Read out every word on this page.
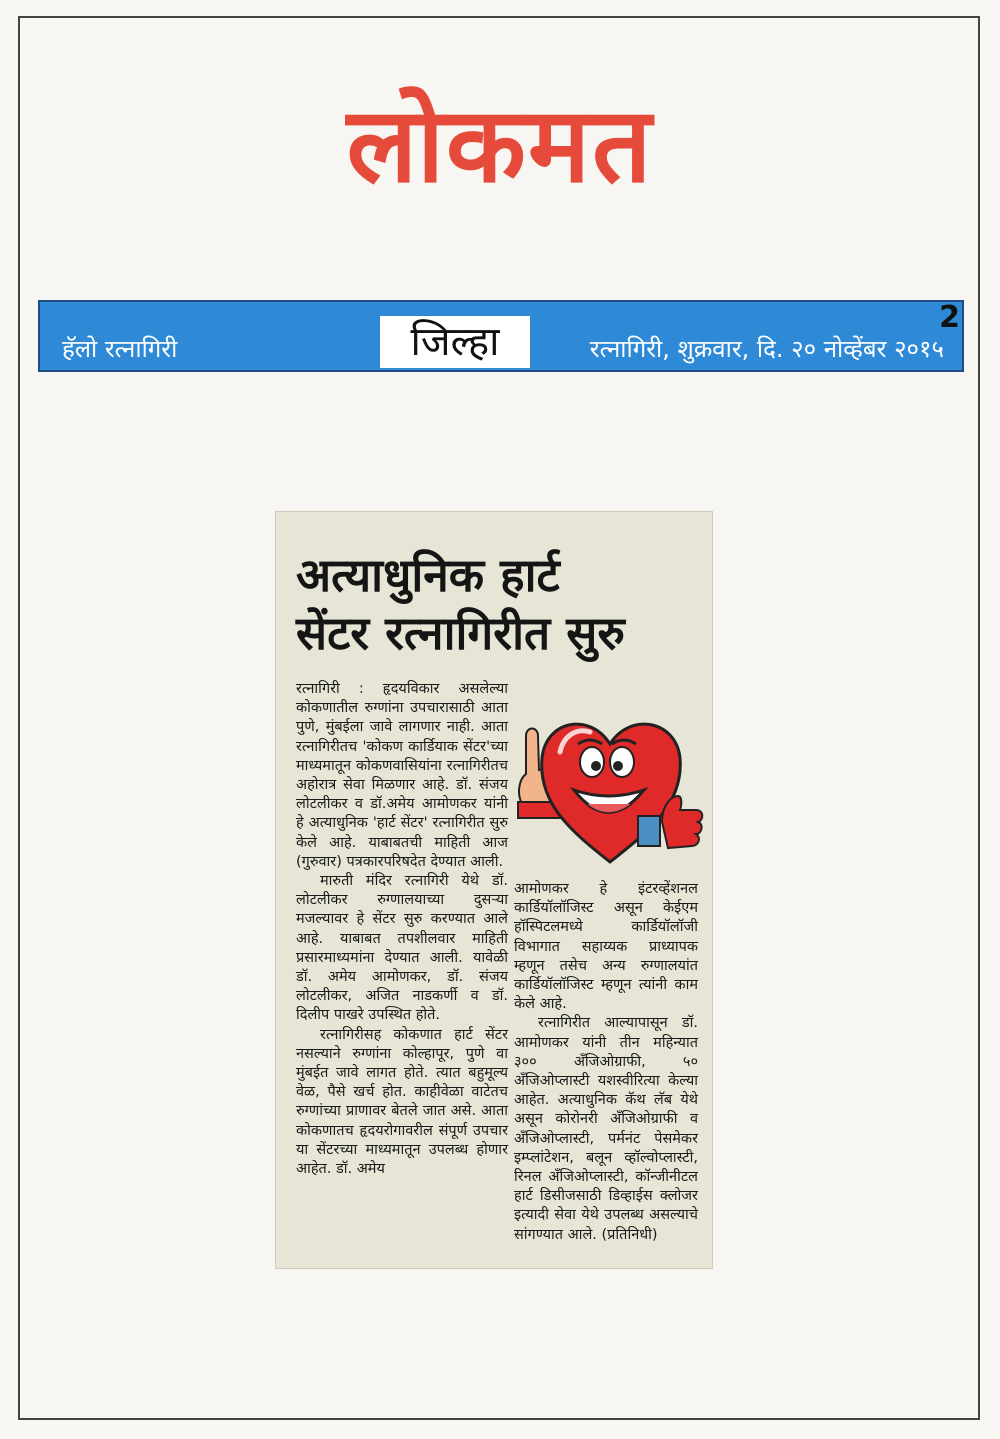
लोकमत
हॅलो रत्नागिरी	जिल्हा	रत्नागिरी, शुक्रवार, दि. २० नोव्हेंबर २०१५
2
अत्याधुनिक हार्ट
सेंटर रत्नागिरीत सुरु

रत्नागिरी : हृदयविकार असलेल्या कोकणातील रुग्णांना उपचारासाठी आता पुणे, मुंबईला जावे लागणार नाही. आता रत्नागिरीतच 'कोकण कार्डियाक सेंटर'च्या माध्यमातून कोकणवासियांना रत्नागिरीतच अहोरात्र सेवा मिळणार आहे. डॉ. संजय लोटलीकर व डॉ.अमेय आमोणकर यांनी हे अत्याधुनिक 'हार्ट सेंटर' रत्नागिरीत सुरु केले आहे. याबाबतची माहिती आज (गुरुवार) पत्रकारपरिषदेत देण्यात आली.

मारुती मंदिर रत्नागिरी येथे डॉ. लोटलीकर रुग्णालयाच्या दुसऱ्या मजल्यावर हे सेंटर सुरु करण्यात आले आहे. याबाबत तपशीलवार माहिती प्रसारमाध्यमांना देण्यात आली. यावेळी डॉ. अमेय आमोणकर, डॉ. संजय लोटलीकर, अजित नाडकर्णी व डॉ. दिलीप पाखरे उपस्थित होते.

रत्नागिरीसह कोकणात हार्ट सेंटर नसल्याने रुग्णांना कोल्हापूर, पुणे वा मुंबईत जावे लागत होते. त्यात बहुमूल्य वेळ, पैसे खर्च होत. काहीवेळा वाटेतच रुग्णांच्या प्राणावर बेतले जात असे. आता कोकणातच हृदयरोगावरील संपूर्ण उपचार या सेंटरच्या माध्यमातून उपलब्ध होणार आहेत. डॉ. अमेय

आमोणकर हे इंटरव्हेंशनल कार्डियॉलॉजिस्ट असून केईएम हॉस्पिटलमध्ये कार्डियॉलॉजी विभागात सहाय्यक प्राध्यापक म्हणून तसेच अन्य रुग्णालयांत कार्डियॉलॉजिस्ट म्हणून त्यांनी काम केले आहे.

रत्नागिरीत आल्यापासून डॉ. आमोणकर यांनी तीन महिन्यात ३०० अँजिओग्राफी, ५० अँजिओप्लास्टी यशस्वीरित्या केल्या आहेत. अत्याधुनिक कॅथ लॅब येथे असून कोरोनरी अँजिओग्राफी व अँजिओप्लास्टी, पर्मनंट पेसमेकर इम्प्लांटेशन, बलून व्हॉल्वोप्लास्टी, रिनल अँजिओप्लास्टी, कॉन्जीनीटल हार्ट डिसीजसाठी डिव्हाईस क्लोजर इत्यादी सेवा येथे उपलब्ध असल्याचे सांगण्यात आले. (प्रतिनिधी)
